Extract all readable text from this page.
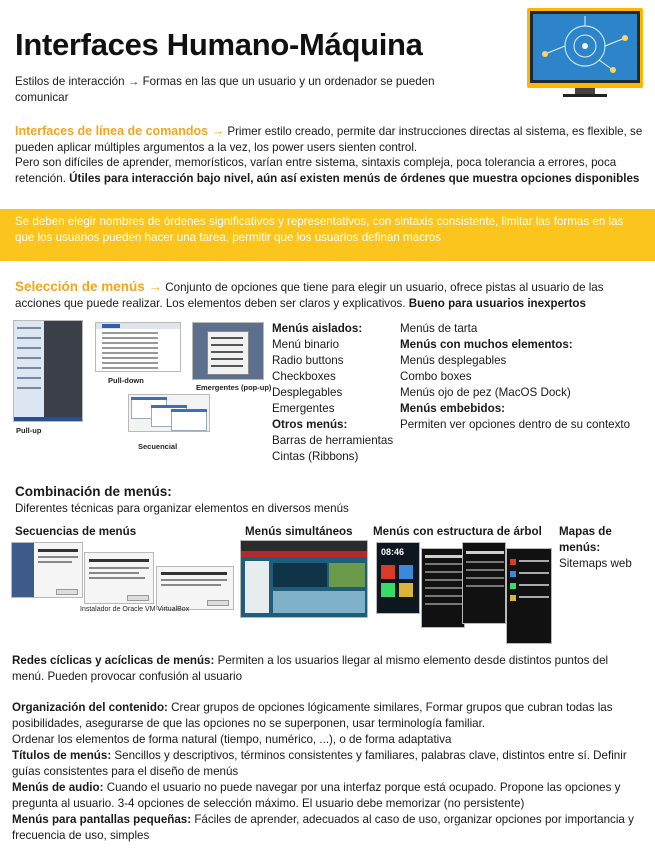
Interfaces Humano-Máquina
Estilos de interacción → Formas en las que un usuario y un ordenador se pueden comunicar
Interfaces de línea de comandos → Primer estilo creado, permite dar instrucciones directas al sistema, es flexible, se pueden aplicar múltiples argumentos a la vez, los power users sienten control.
Pero son difíciles de aprender, memorísticos, varían entre sistema, sintaxis compleja, poca tolerancia a errores, poca retención. Útiles para interacción bajo nivel, aún así existen menús de órdenes que muestra opciones disponibles
Se deben elegir nombres de órdenes significativos y representativos, con sintaxis consistente, limitar las formas en las que los usuarios pueden hacer una tarea, permitir que los usuarios definan macros
Selección de menús → Conjunto de opciones que tiene para elegir un usuario, ofrece pistas al usuario de las acciones que puede realizar. Los elementos deben ser claros y explicativos. Bueno para usuarios inexpertos
Pull-up
Pull-down
Emergentes (pop-up)
Secuencial
Menús aislados:
Menú binario
Radio buttons
Checkboxes
Desplegables
Emergentes
Otros menús:
Barras de herramientas
Cintas (Ribbons)
Menús de tarta
Menús con muchos elementos:
Menús desplegables
Combo boxes
Menús ojo de pez (MacOS Dock)
Menús embebidos:
Permiten ver opciones dentro de su contexto
Combinación de menús:
Diferentes técnicas para organizar elementos en diversos menús
Secuencias de menús	Menús simultáneos Menús con estructura de árbol Mapas de menús:
Sitemaps web
Instalador de Oracle VM VirtualBox
08:46
Redes cíclicas y acíclicas de menús: Permiten a los usuarios llegar al mismo elemento desde distintos puntos del menú. Pueden provocar confusión al usuario
Organización del contenido: Crear grupos de opciones lógicamente similares, Formar grupos que cubran todas las posibilidades, asegurarse de que las opciones no se superponen, usar terminología familiar.
Ordenar los elementos de forma natural (tiempo, numérico, ...), o de forma adaptativa
Títulos de menús: Sencillos y descriptivos, términos consistentes y familiares, palabras clave, distintos entre sí. Definir guías consistentes para el diseño de menús
Menús de audio: Cuando el usuario no puede navegar por una interfaz porque está ocupado. Propone las opciones y pregunta al usuario. 3-4 opciones de selección máximo. El usuario debe memorizar (no persistente)
Menús para pantallas pequeñas: Fáciles de aprender, adecuados al caso de uso, organizar opciones por importancia y frecuencia de uso, simples
